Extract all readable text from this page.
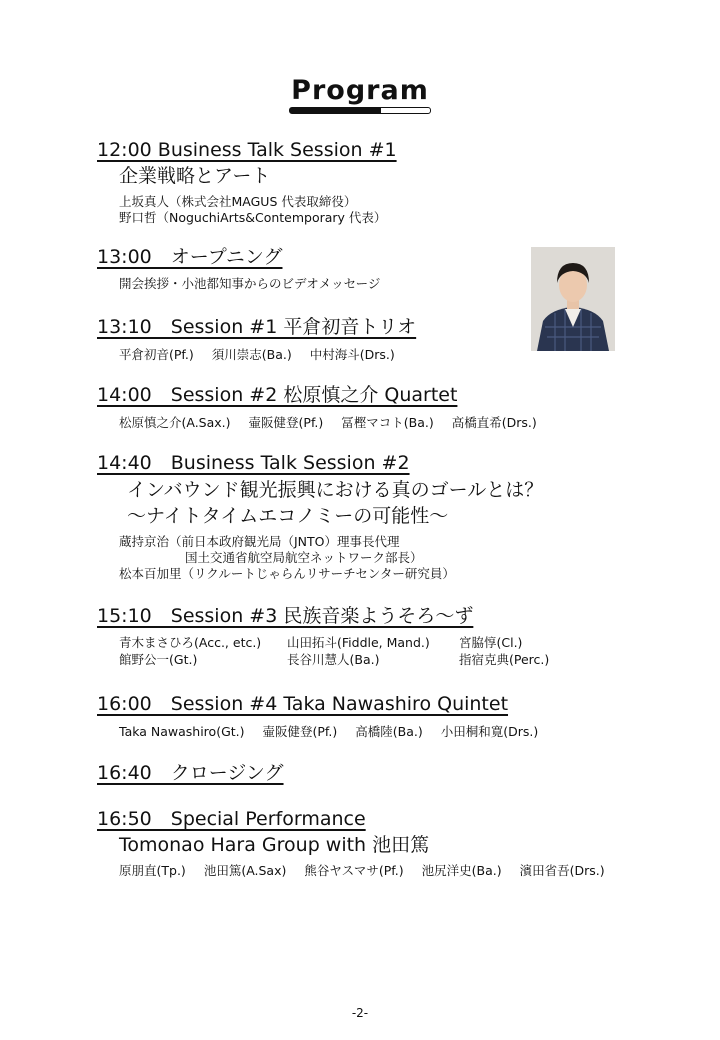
Program
12:00 Business Talk Session #1
企業戦略とアート
上坂真人（株式会社MAGUS 代表取締役）
野口哲（NoguchiArts&Contemporary 代表）
13:00　オープニング
開会挨拶・小池都知事からのビデオメッセージ
13:10　Session #1 平倉初音トリオ
平倉初音(Pf.) 須川崇志(Ba.) 中村海斗(Drs.)
14:00　Session #2 松原慎之介 Quartet
松原慎之介(A.Sax.) 壷阪健登(Pf.) 冨樫マコト(Ba.) 高橋直希(Drs.)
14:40　Business Talk Session #2
インバウンド観光振興における真のゴールとは？
～ナイトタイムエコノミーの可能性～
蔵持京治（前日本政府観光局（JNTO）理事長代理
国土交通省航空局航空ネットワーク部長）
松本百加里（リクルートじゃらんリサーチセンター研究員）
15:10　Session #3 民族音楽ようそろ～ず
青木まさひろ(Acc., etc.)	山田拓斗(Fiddle, Mand.)	宮脇惇(Cl.)
館野公一(Gt.)	長谷川慧人(Ba.)	指宿克典(Perc.)
16:00　Session #4 Taka Nawashiro Quintet
Taka Nawashiro(Gt.) 壷阪健登(Pf.) 高橋陸(Ba.) 小田桐和寛(Drs.)
16:40　クロージング
16:50　Special Performance
Tomonao Hara Group with 池田篤
原朋直(Tp.) 池田篤(A.Sax) 熊谷ヤスマサ(Pf.) 池尻洋史(Ba.) 濱田省吾(Drs.)
-2-
